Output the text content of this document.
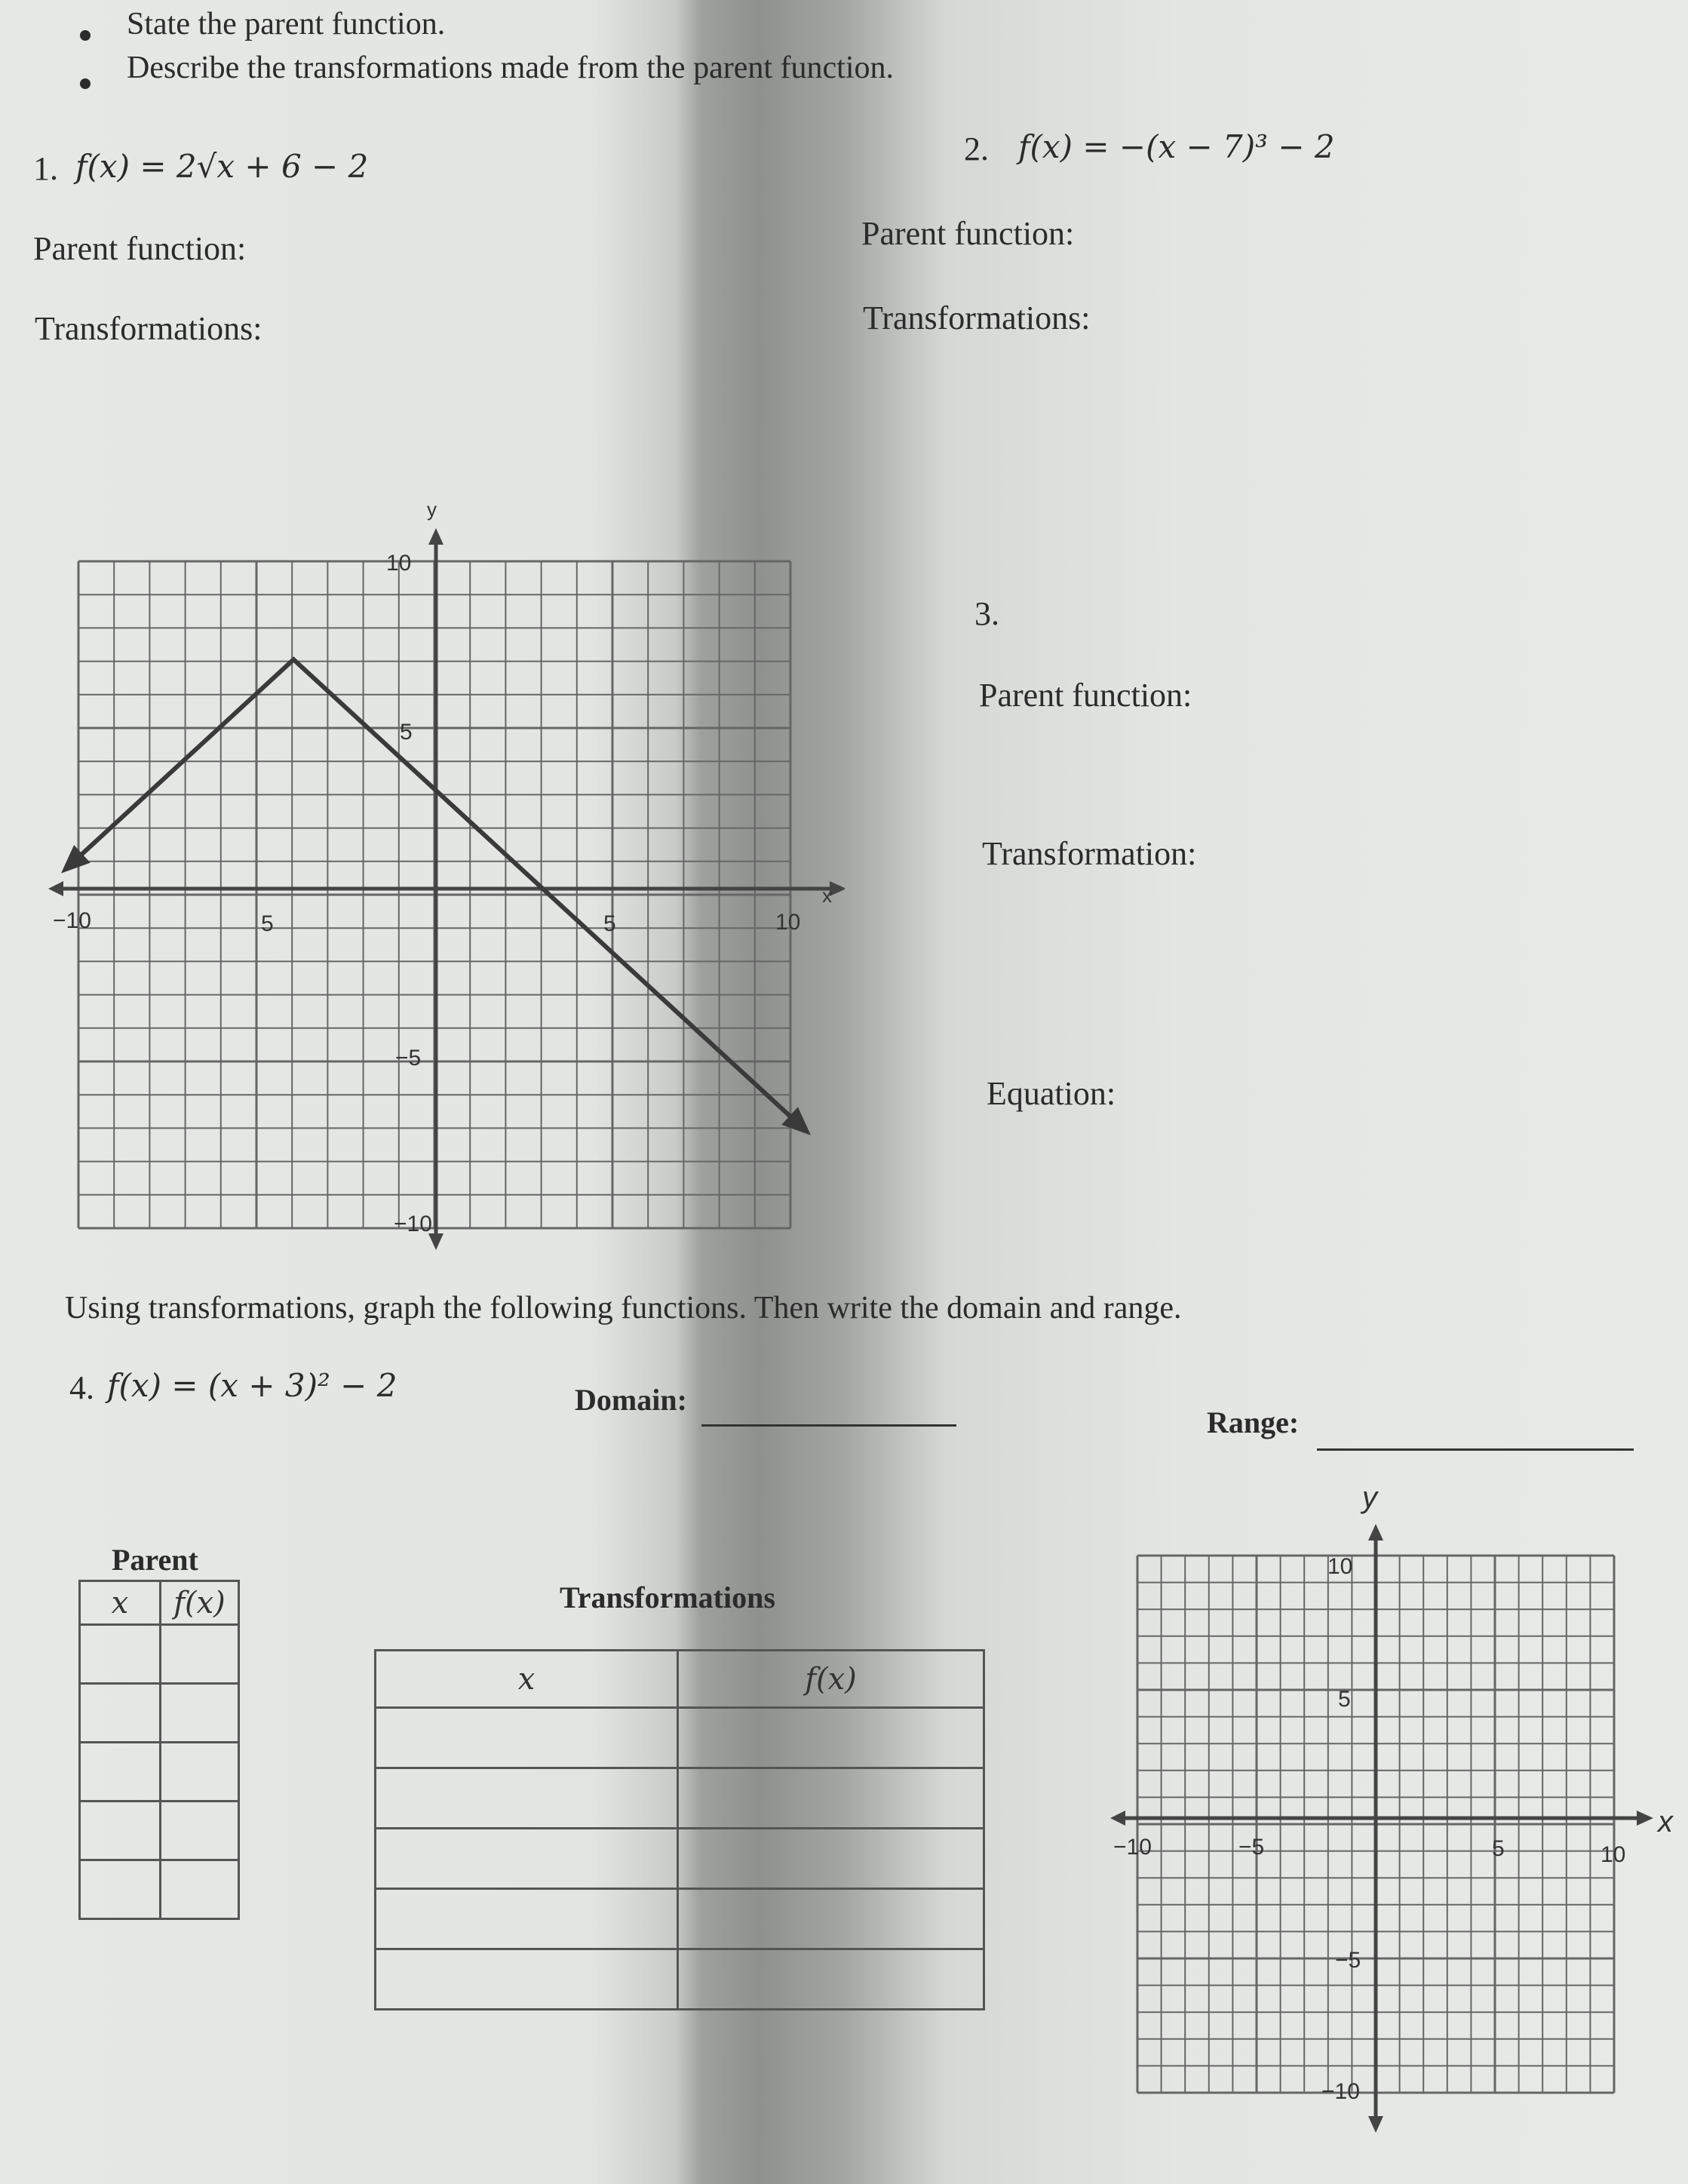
State the parent function.
Describe the transformations made from the parent function.
1. f(x) = 2√x + 6 − 2
Parent function:
Transformations:
2. f(x) = −(x − 7)³ − 2
Parent function:
Transformations:
x
y
−10	5	5	10
10
5
−5
−10
3.
Parent function:
Transformation:
Equation:
Using transformations, graph the following functions. Then write the domain and range.
4. f(x) = (x + 3)² − 2	Domain:
Range:
Parent
x	f(x)

		Transformations
x	f(x)

x
y
−10	−5	5	10
10
5
−5
−10
